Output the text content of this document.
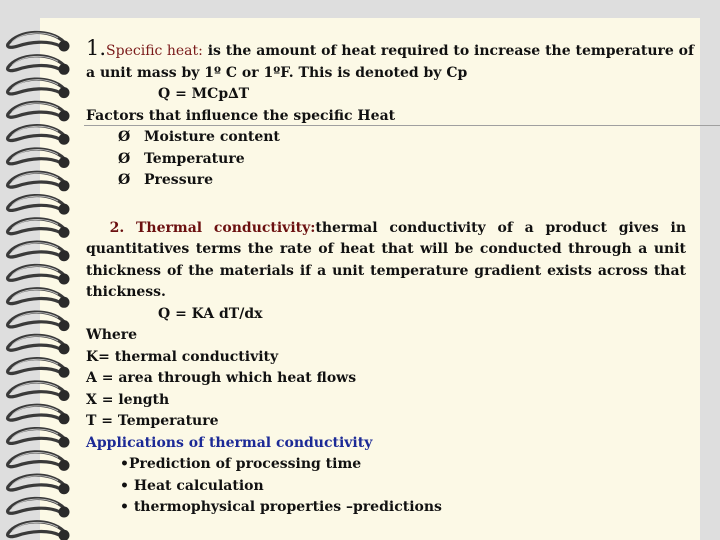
1.Specific heat: is the amount of heat required to increase the temperature of
a unit mass by 1º C or 1ºF. This is denoted by Cp
Q = MCp∆T
Factors that influence the specific Heat
Ø Moisture content
Ø Temperature
Ø Pressure
2. Thermal conductivity:thermal conductivity of a product gives in quantitatives terms the rate of heat that will be conducted through a unit thickness of the materials if a unit temperature gradient exists across that thickness.
Q = KA dT/dx
Where
K= thermal conductivity
A = area through which heat flows
X = length
T = Temperature
Applications of thermal conductivity
•Prediction of processing time
• Heat calculation
• thermophysical properties –predictions
